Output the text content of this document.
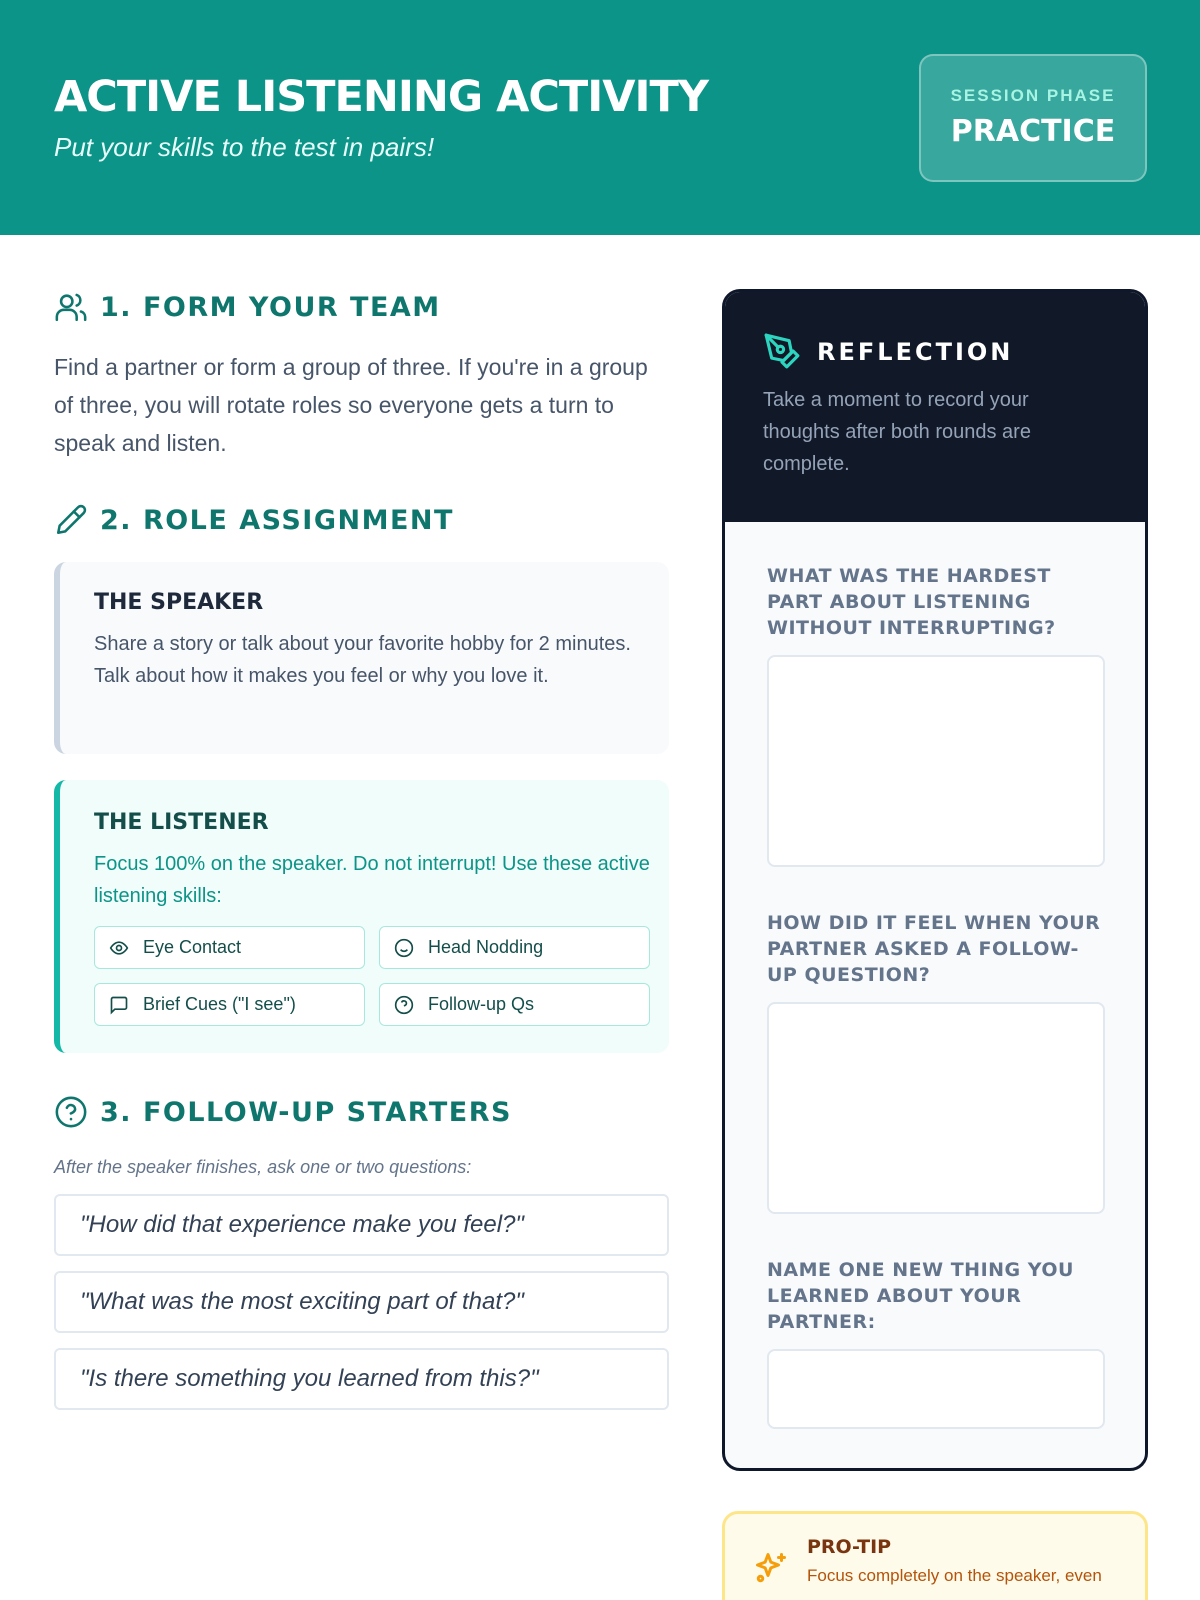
ACTIVE LISTENING ACTIVITY
Put your skills to the test in pairs!
SESSION PHASE
PRACTICE
1. FORM YOUR TEAM
Find a partner or form a group of three. If you're in a group of three, you will rotate roles so everyone gets a turn to speak and listen.
2. ROLE ASSIGNMENT
THE SPEAKER
Share a story or talk about your favorite hobby for 2 minutes. Talk about how it makes you feel or why you love it.
THE LISTENER
Focus 100% on the speaker. Do not interrupt! Use these active listening skills:
Eye Contact	Head Nodding
Brief Cues ("I see")	Follow-up Qs
3. FOLLOW-UP STARTERS
After the speaker finishes, ask one or two questions:
"How did that experience make you feel?"
"What was the most exciting part of that?"
"Is there something you learned from this?"
REFLECTION
Take a moment to record your thoughts after both rounds are complete.
WHAT WAS THE HARDEST PART ABOUT LISTENING WITHOUT INTERRUPTING?
HOW DID IT FEEL WHEN YOUR PARTNER ASKED A FOLLOW-UP QUESTION?
NAME ONE NEW THING YOU LEARNED ABOUT YOUR PARTNER:
PRO-TIP
Focus completely on the speaker, even
